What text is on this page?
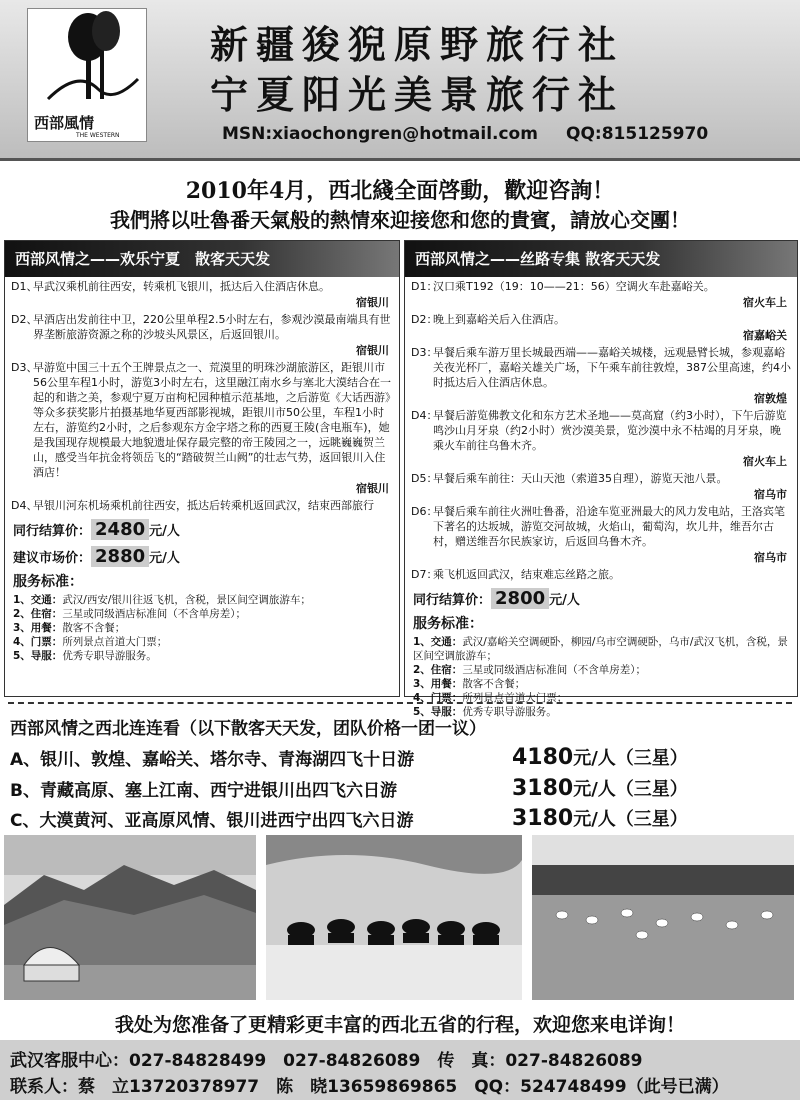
西部風情
THE WESTERN
新疆狻猊原野旅行社
宁夏阳光美景旅行社
MSN:xiaochongren@hotmail.com QQ:815125970
2010年4月，西北綫全面啓動，歡迎咨詢！
我們將以吐魯番天氣般的熱情來迎接您和您的貴賓，請放心交團！
西部风情之——欢乐宁夏　散客天天发
D1、
早武汉乘机前往西安，转乘机飞银川，抵达后入住酒店休息。
宿银川
D2、
早酒店出发前往中卫，220公里单程2.5小时左右，参观沙漠最南端具有世界垄断旅游资源之称的沙坡头风景区，后返回银川。
宿银川
D3、
早游览中国三十五个王牌景点之一、荒漠里的明珠沙湖旅游区，距银川市56公里车程1小时，游览3小时左右，这里融江南水乡与塞北大漠结合在一起的和谐之美，参观宁夏万亩枸杞园种植示范基地，之后游览《大话西游》等众多获奖影片拍摄基地华夏西部影视城，距银川市50公里，车程1小时左右，游览约2小时，之后参观东方金字塔之称的西夏王陵(含电瓶车)，她是我国现存规模最大地貌遗址保存最完整的帝王陵园之一，远眺巍巍贺兰山，感受当年抗金将领岳飞的“踏破贺兰山阙”的壮志气势，返回银川入住酒店！
宿银川
D4、
早银川河东机场乘机前往西安，抵达后转乘机返回武汉，结束西部旅行
同行结算价： 2480 元/人
建议市场价： 2880 元/人
服务标准：
1、交通：武汉/西安/银川往返飞机，含税，景区间空调旅游车；
2、住宿：三星或同级酒店标准间（不含单房差）；
3、用餐：散客不含餐；
4、门票：所列景点首道大门票；
5、导服：优秀专职导游服务。
西部风情之——丝路专集 散客天天发
D1：
汉口乘T192（19：10——21：56）空调火车赴嘉峪关。
宿火车上
D2：
晚上到嘉峪关后入住酒店。
宿嘉峪关
D3：
早餐后乘车游万里长城最西端——嘉峪关城楼，远观悬臂长城，参观嘉峪关夜光杯厂，嘉峪关雄关广场，下午乘车前往敦煌，387公里高速，约4小时抵达后入住酒店休息。
宿敦煌
D4：
早餐后游览佛教文化和东方艺术圣地——莫高窟（约3小时），下午后游览鸣沙山月牙泉（约2小时）赏沙漠美景，览沙漠中永不枯竭的月牙泉，晚乘火车前往乌鲁木齐。
宿火车上
D5：
早餐后乘车前往：天山天池（索道35自理），游览天池八景。
宿乌市
D6：
早餐后乘车前往火洲吐鲁番，沿途车览亚洲最大的风力发电站，王洛宾笔下著名的达坂城，游览交河故城，火焰山，葡萄沟，坎儿井，维吾尔古村，赠送维吾尔民族家访，后返回乌鲁木齐。
宿乌市
D7：
乘飞机返回武汉，结束难忘丝路之旅。
同行结算价： 2800 元/人
服务标准：
1、交通：武汉/嘉峪关空调硬卧，柳园/乌市空调硬卧，乌市/武汉飞机，含税，景区间空调旅游车；
2、住宿：三星或同级酒店标准间（不含单房差）；
3、用餐：散客不含餐；
4、门票：所列景点首道大门票；
5、导服：优秀专职导游服务。
西部风情之西北连连看（以下散客天天发，团队价格一团一议）
A、银川、敦煌、嘉峪关、塔尔寺、青海湖四飞十日游	4180元/人（三星）
B、青藏高原、塞上江南、西宁进银川出四飞六日游	3180元/人（三星）
C、大漠黄河、亚高原风情、银川进西宁出四飞六日游	3180元/人（三星）
我处为您准备了更精彩更丰富的西北五省的行程，欢迎您来电详询！
武汉客服中心：027-84828499　027-84826089　传　真：027-84826089
联系人：蔡　立13720378977　陈　晓13659869865　QQ：524748499（此号已满）
